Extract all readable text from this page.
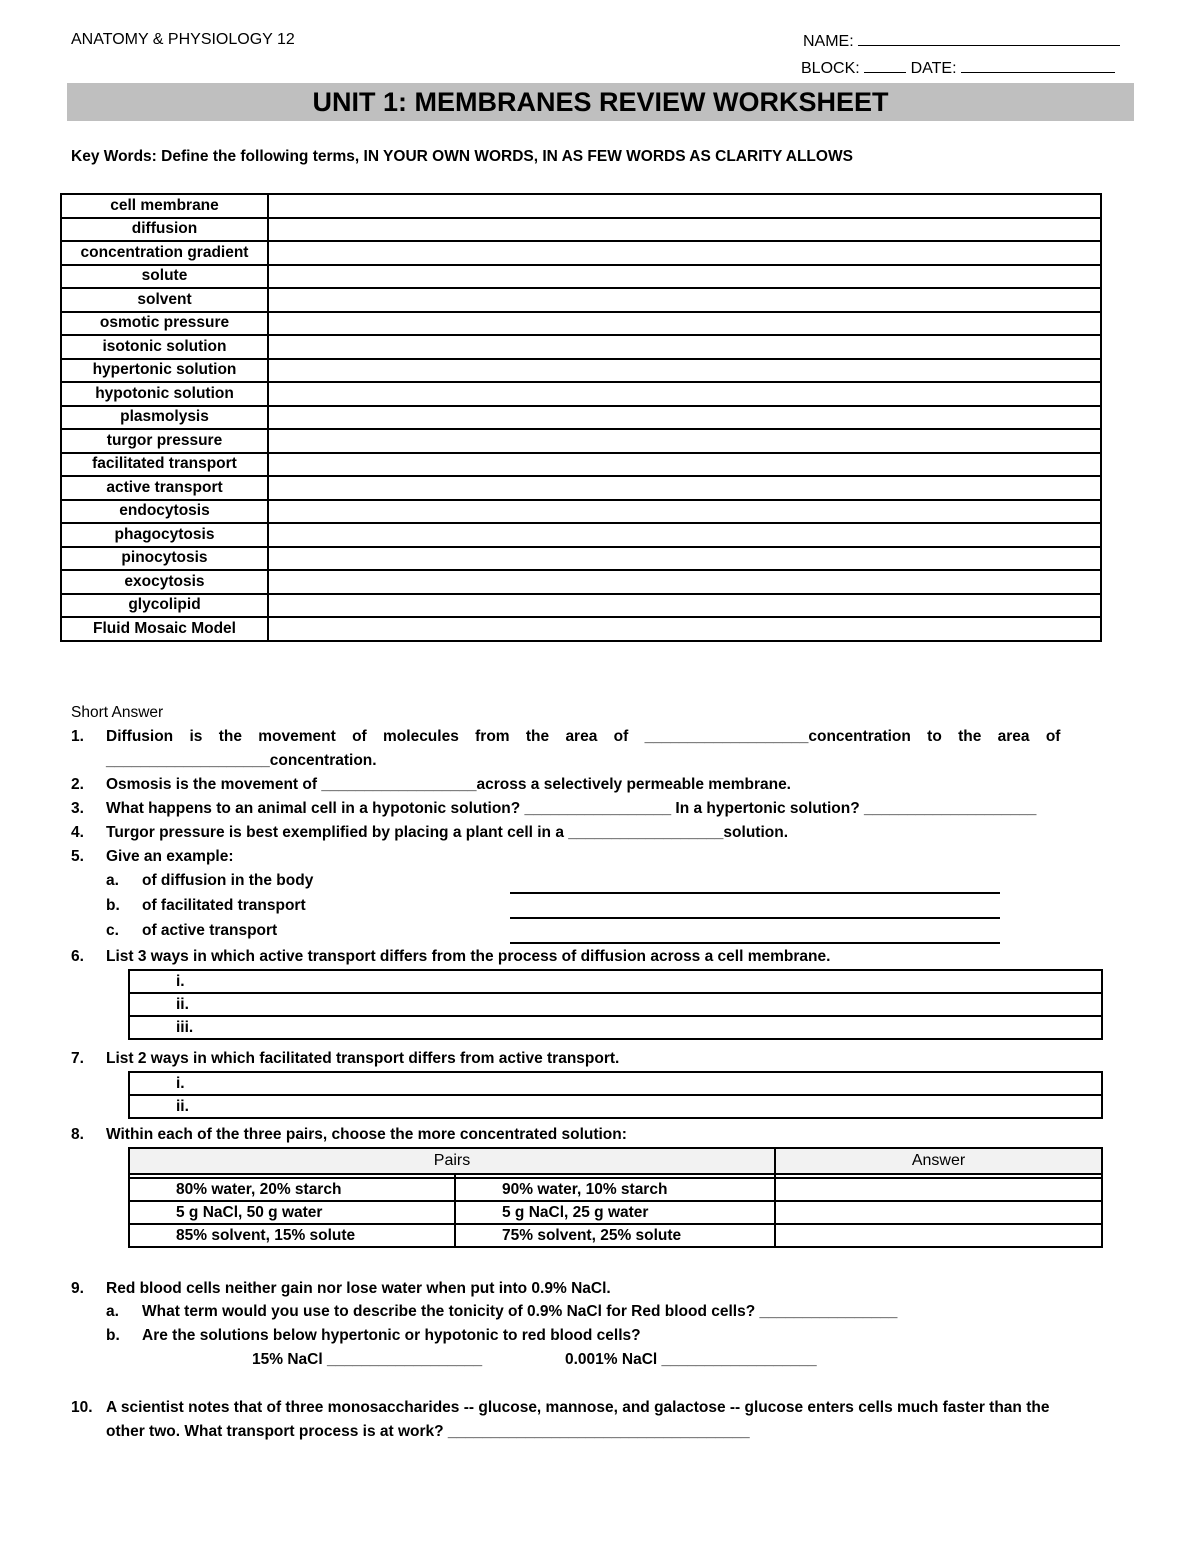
ANATOMY & PHYSIOLOGY 12	NAME:
BLOCK:	DATE:
UNIT 1: MEMBRANES REVIEW WORKSHEET
Key Words: Define the following terms, IN YOUR OWN WORDS, IN AS FEW WORDS AS CLARITY ALLOWS
cell membrane	
diffusion	
concentration gradient	
solute	
solvent	
osmotic pressure	
isotonic solution	
hypertonic solution	
hypotonic solution	
plasmolysis	
turgor pressure	
facilitated transport	
active transport	
endocytosis	
phagocytosis	
pinocytosis	
exocytosis	
glycolipid	
Fluid Mosaic Model	
Short Answer
1. Diffusion is the movement of molecules from the area of ___________________concentration to the area of
___________________concentration.
2. Osmosis is the movement of __________________across a selectively permeable membrane.
3. What happens to an animal cell in a hypotonic solution? _________________ In a hypertonic solution? ____________________
4. Turgor pressure is best exemplified by placing a plant cell in a __________________solution.
5. Give an example:
a. of diffusion in the body
b. of facilitated transport
c. of active transport
6. List 3 ways in which active transport differs from the process of diffusion across a cell membrane.
i.
ii.
iii.
7. List 2 ways in which facilitated transport differs from active transport.
i.
ii.
8. Within each of the three pairs, choose the more concentrated solution:
Pairs		Answer

80% water, 20% starch	90% water, 10% starch	
5 g NaCl, 50 g water	5 g NaCl, 25 g water	
85% solvent, 15% solute	75% solvent, 25% solute	
9. Red blood cells neither gain nor lose water when put into 0.9% NaCl.
a. What term would you use to describe the tonicity of 0.9% NaCl for Red blood cells? ________________
b. Are the solutions below hypertonic or hypotonic to red blood cells?
15% NaCl __________________	0.001% NaCl __________________
10. A scientist notes that of three monosaccharides -- glucose, mannose, and galactose -- glucose enters cells much faster than the
other two. What transport process is at work? ___________________________________
